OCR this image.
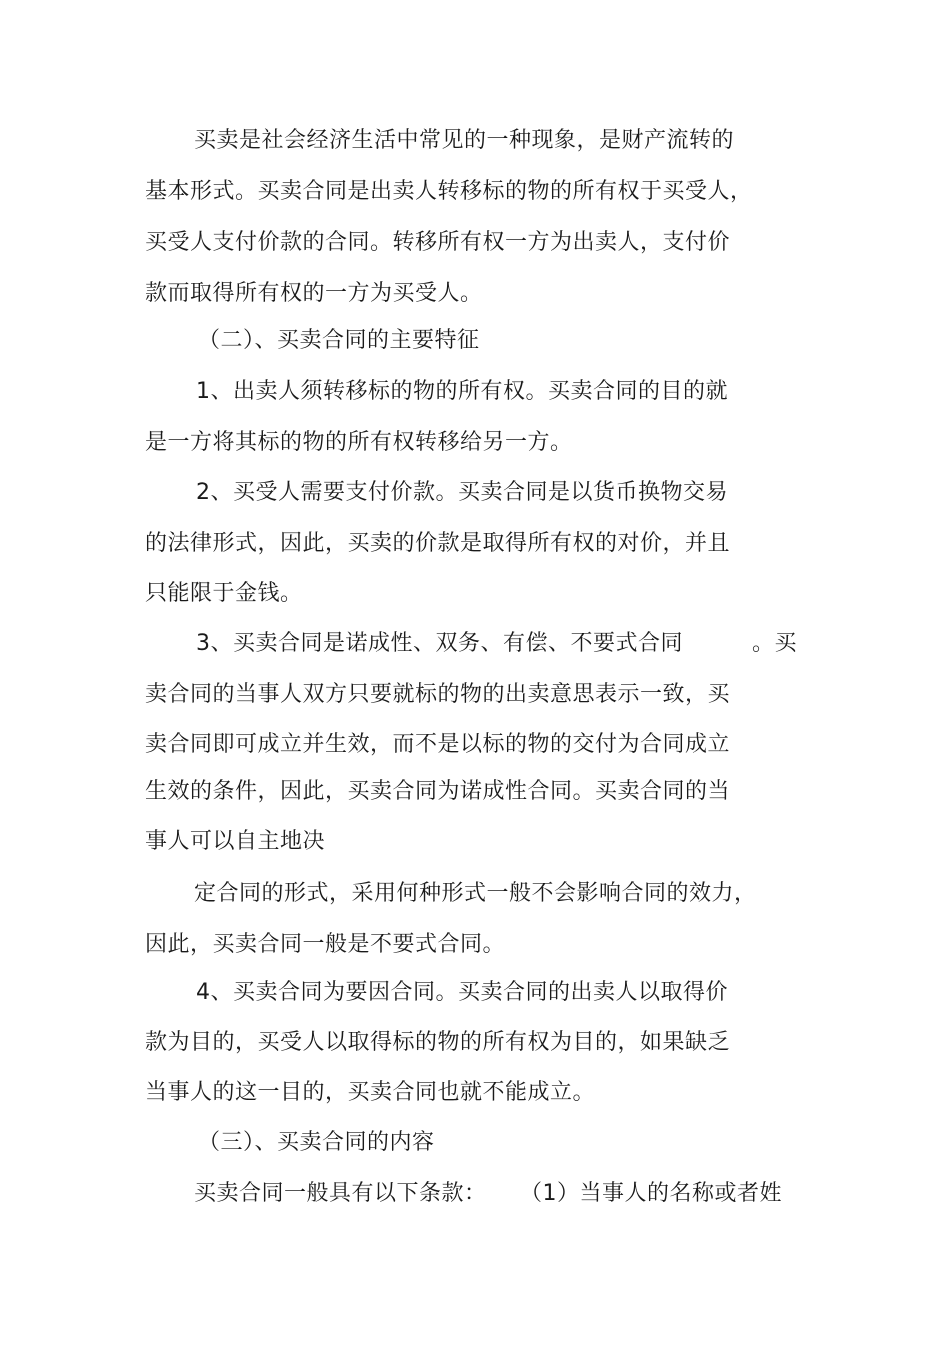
买卖是社会经济生活中常见的一种现象，是财产流转的
基本形式。买卖合同是出卖人转移标的物的所有权于买受人，
买受人支付价款的合同。转移所有权一方为出卖人，支付价
款而取得所有权的一方为买受人。
（二）、买卖合同的主要特征
1、出卖人须转移标的物的所有权。买卖合同的目的就
是一方将其标的物的所有权转移给另一方。
2、买受人需要支付价款。买卖合同是以货币换物交易
的法律形式，因此，买卖的价款是取得所有权的对价，并且
只能限于金钱。
3、买卖合同是诺成性、双务、有偿、不要式合同	。买
卖合同的当事人双方只要就标的物的出卖意思表示一致，买
卖合同即可成立并生效，而不是以标的物的交付为合同成立
生效的条件，因此，买卖合同为诺成性合同。买卖合同的当
事人可以自主地决
定合同的形式，采用何种形式一般不会影响合同的效力，
因此，买卖合同一般是不要式合同。
4、买卖合同为要因合同。买卖合同的出卖人以取得价
款为目的，买受人以取得标的物的所有权为目的，如果缺乏
当事人的这一目的，买卖合同也就不能成立。
（三）、买卖合同的内容
买卖合同一般具有以下条款： （1）当事人的名称或者姓
